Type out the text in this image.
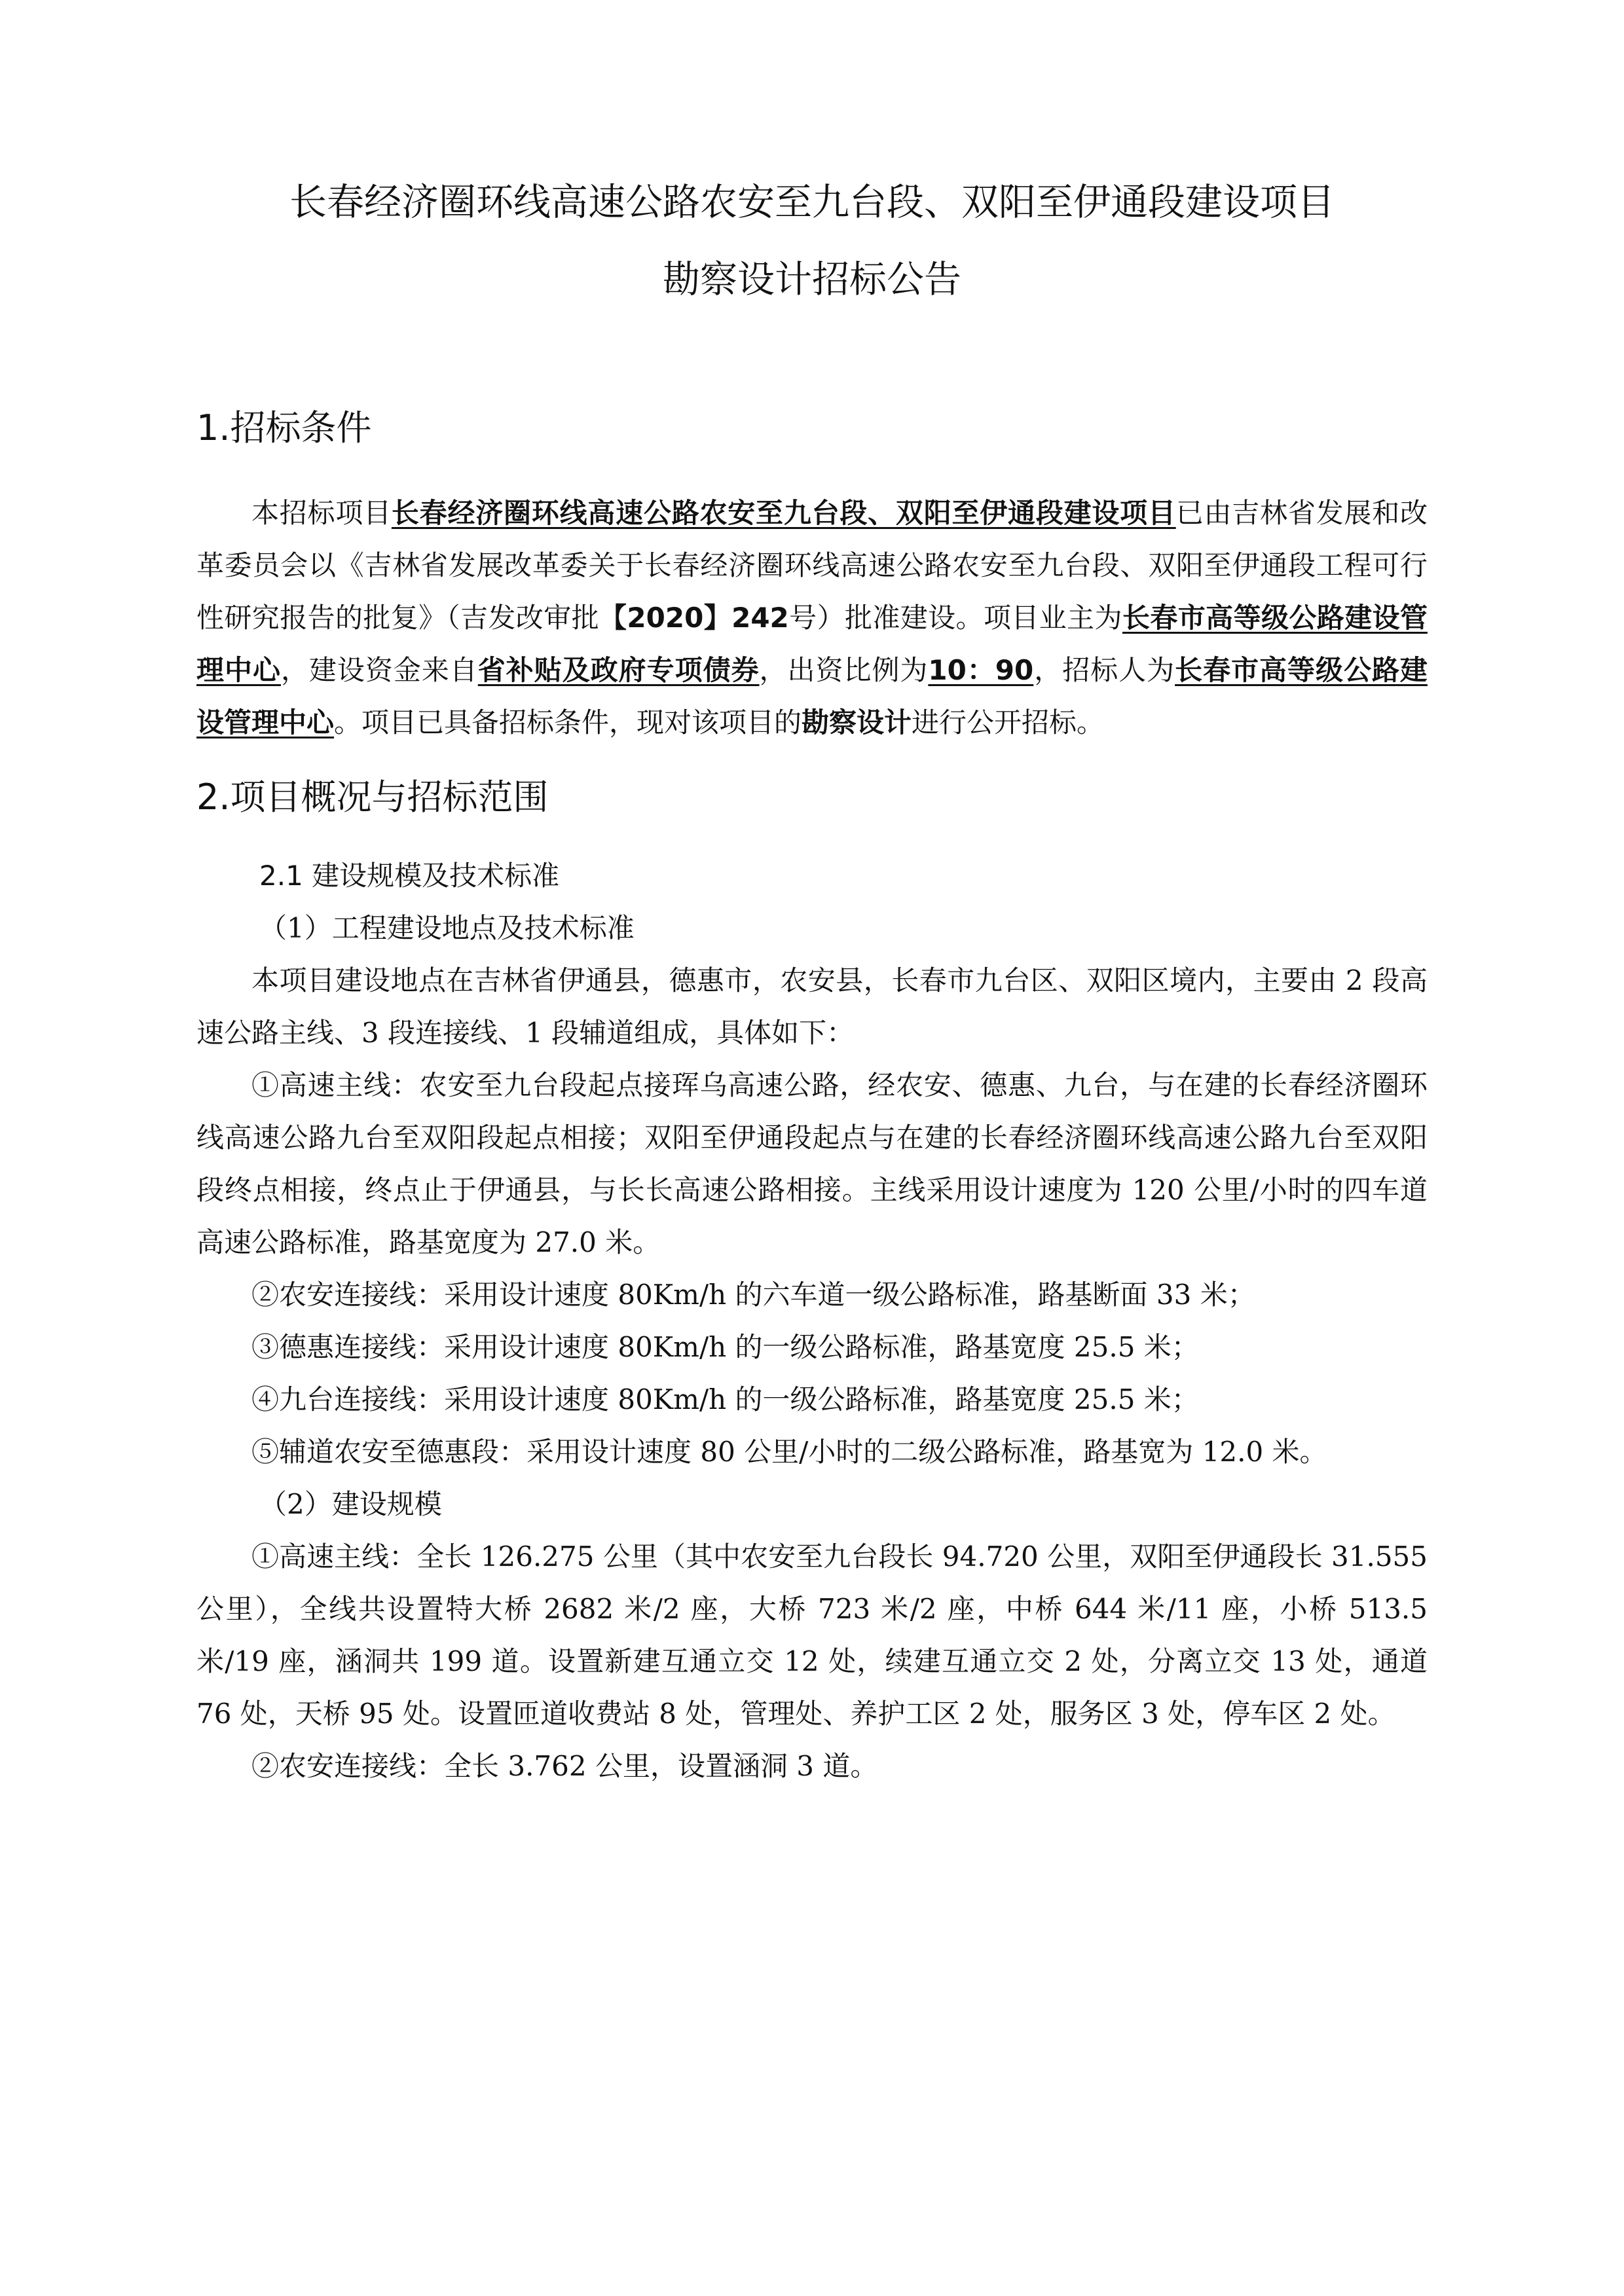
长春经济圈环线高速公路农安至九台段、双阳至伊通段建设项目
勘察设计招标公告
1.招标条件

本招标项目长春经济圈环线高速公路农安至九台段、双阳至伊通段建设项目已由吉林省发展和改革委员会以《吉林省发展改革委关于长春经济圈环线高速公路农安至九台段、双阳至伊通段工程可行性研究报告的批复》（吉发改审批【2020】242号）批准建设。项目业主为长春市高等级公路建设管理中心，建设资金来自省补贴及政府专项债券，出资比例为10：90，招标人为长春市高等级公路建设管理中心。项目已具备招标条件，现对该项目的勘察设计进行公开招标。

2.项目概况与招标范围
2.1 建设规模及技术标准
（1）工程建设地点及技术标准

本项目建设地点在吉林省伊通县，德惠市，农安县，长春市九台区、双阳区境内，主要由 2 段高速公路主线、3 段连接线、1 段辅道组成，具体如下：

①高速主线：农安至九台段起点接珲乌高速公路，经农安、德惠、九台，与在建的长春经济圈环线高速公路九台至双阳段起点相接；双阳至伊通段起点与在建的长春经济圈环线高速公路九台至双阳段终点相接，终点止于伊通县，与长长高速公路相接。主线采用设计速度为 120 公里/小时的四车道高速公路标准，路基宽度为 27.0 米。

②农安连接线：采用设计速度 80Km/h 的六车道一级公路标准，路基断面 33 米；

③德惠连接线：采用设计速度 80Km/h 的一级公路标准，路基宽度 25.5 米；

④九台连接线：采用设计速度 80Km/h 的一级公路标准，路基宽度 25.5 米；

⑤辅道农安至德惠段：采用设计速度 80 公里/小时的二级公路标准，路基宽为 12.0 米。

（2）建设规模

①高速主线：全长 126.275 公里（其中农安至九台段长 94.720 公里，双阳至伊通段长 31.555 公里），全线共设置特大桥 2682 米/2 座，大桥 723 米/2 座，中桥 644 米/11 座，小桥 513.5 米/19 座，涵洞共 199 道。设置新建互通立交 12 处，续建互通立交 2 处，分离立交 13 处，通道 76 处，天桥 95 处。设置匝道收费站 8 处，管理处、养护工区 2 处，服务区 3 处，停车区 2 处。

②农安连接线：全长 3.762 公里，设置涵洞 3 道。
